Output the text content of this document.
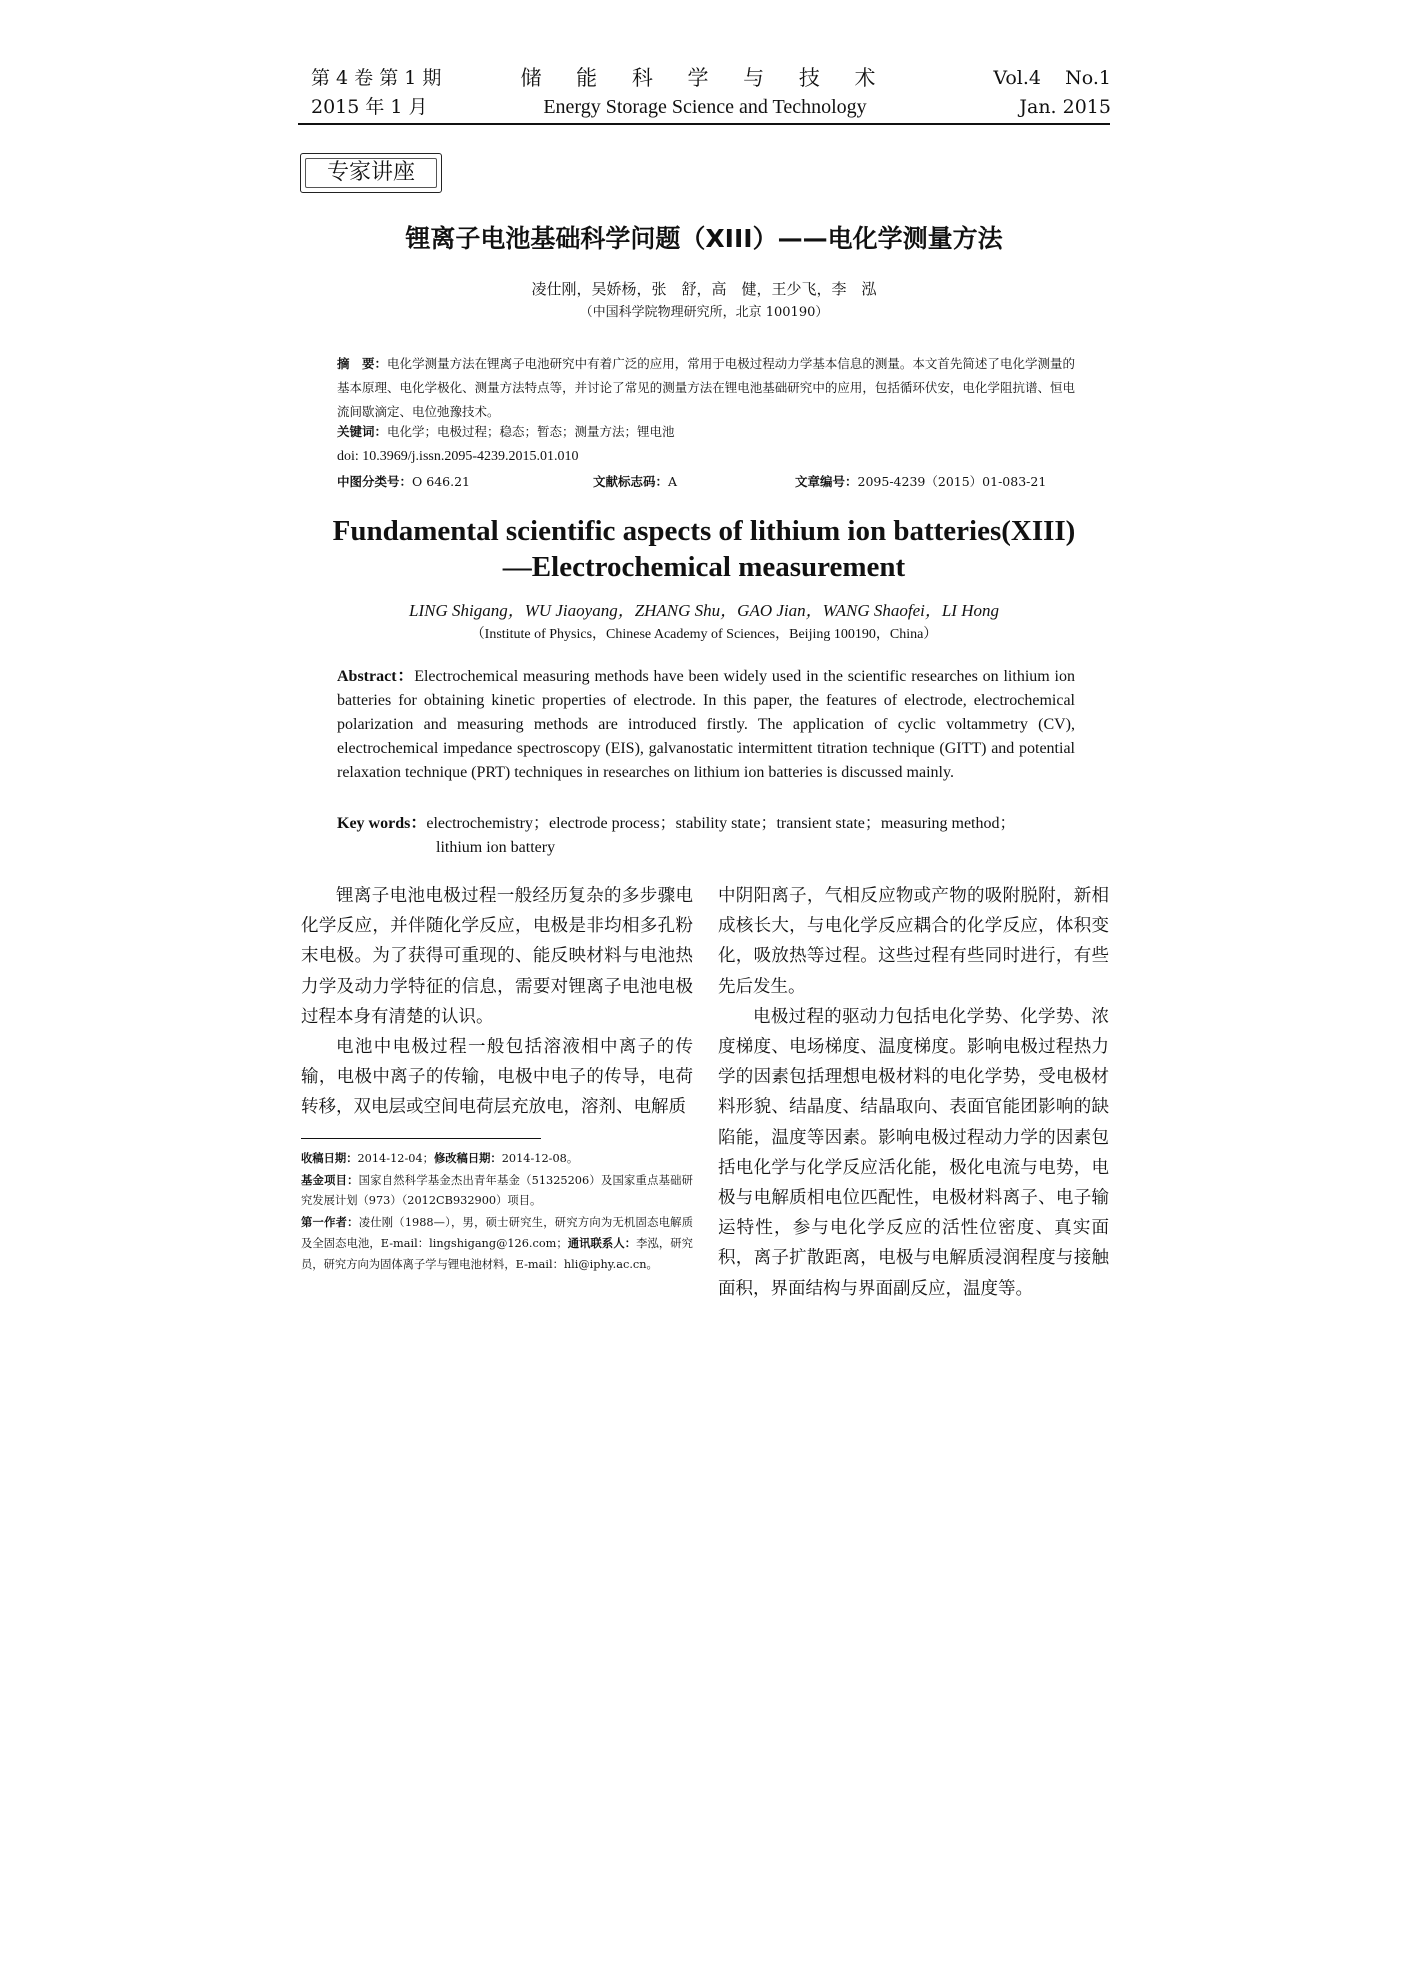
第 4 卷 第 1 期
2015 年 1 月
储 能 科 学 与 技 术
Energy Storage Science and Technology
Vol.4    No.1
Jan. 2015
专家讲座
锂离子电池基础科学问题（XIII）——电化学测量方法
凌仕刚，吴娇杨，张　舒，高　健，王少飞，李　泓
（中国科学院物理研究所，北京 100190）
摘　要：电化学测量方法在锂离子电池研究中有着广泛的应用，常用于电极过程动力学基本信息的测量。本文首先简述了电化学测量的基本原理、电化学极化、测量方法特点等，并讨论了常见的测量方法在锂电池基础研究中的应用，包括循环伏安，电化学阻抗谱、恒电流间歇滴定、电位弛豫技术。
关键词：电化学；电极过程；稳态；暂态；测量方法；锂电池
doi: 10.3969/j.issn.2095-4239.2015.01.010
中图分类号：O 646.21	文献标志码：A	文章编号：2095-4239（2015）01-083-21
Fundamental scientific aspects of lithium ion batteries(XIII)
—Electrochemical measurement
LING Shigang，WU Jiaoyang，ZHANG Shu，GAO Jian，WANG Shaofei，LI Hong
（Institute of Physics，Chinese Academy of Sciences，Beijing 100190，China）
Abstract：Electrochemical measuring methods have been widely used in the scientific researches on lithium ion batteries for obtaining kinetic properties of electrode. In this paper, the features of electrode, electrochemical polarization and measuring methods are introduced firstly. The application of cyclic voltammetry (CV), electrochemical impedance spectroscopy (EIS), galvanostatic intermittent titration technique (GITT) and potential relaxation technique (PRT) techniques in researches on lithium ion batteries is discussed mainly.
Key words：electrochemistry；electrode process；stability state；transient state；measuring method；
lithium ion battery

锂离子电池电极过程一般经历复杂的多步骤电化学反应，并伴随化学反应，电极是非均相多孔粉末电极。为了获得可重现的、能反映材料与电池热力学及动力学特征的信息，需要对锂离子电池电极过程本身有清楚的认识。

电池中电极过程一般包括溶液相中离子的传输，电极中离子的传输，电极中电子的传导，电荷转移，双电层或空间电荷层充放电，溶剂、电解质

中阴阳离子，气相反应物或产物的吸附脱附，新相成核长大，与电化学反应耦合的化学反应，体积变化，吸放热等过程。这些过程有些同时进行，有些先后发生。

电极过程的驱动力包括电化学势、化学势、浓度梯度、电场梯度、温度梯度。影响电极过程热力学的因素包括理想电极材料的电化学势，受电极材料形貌、结晶度、结晶取向、表面官能团影响的缺陷能，温度等因素。影响电极过程动力学的因素包括电化学与化学反应活化能，极化电流与电势，电极与电解质相电位匹配性，电极材料离子、电子输运特性，参与电化学反应的活性位密度、真实面积，离子扩散距离，电极与电解质浸润程度与接触面积，界面结构与界面副反应，温度等。

收稿日期：2014-12-04；修改稿日期：2014-12-08。

基金项目：国家自然科学基金杰出青年基金（51325206）及国家重点基础研究发展计划（973）（2012CB932900）项目。

第一作者：凌仕刚（1988—），男，硕士研究生，研究方向为无机固态电解质及全固态电池，E-mail：lingshigang@126.com；通讯联系人：李泓，研究员，研究方向为固体离子学与锂电池材料，E-mail：hli@iphy.ac.cn。
